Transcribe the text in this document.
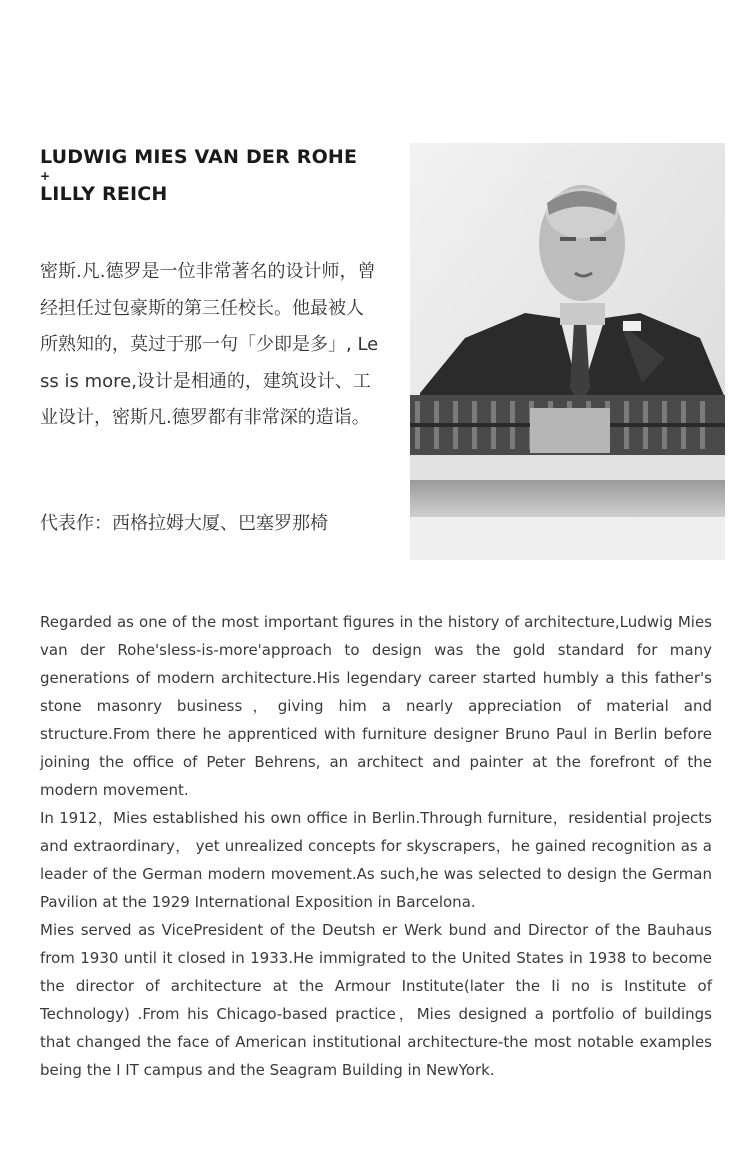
LUDWIG MIES VAN DER ROHE
+
LILLY REICH
密斯.凡.德罗是一位非常著名的设计师，曾经担任过包豪斯的第三任校长。他最被人所熟知的，莫过于那一句「少即是多」, Less is more,设计是相通的，建筑设计、工业设计，密斯凡.德罗都有非常深的造诣。
代表作：西格拉姆大厦、巴塞罗那椅

Regarded as one of the most important figures in the history of architecture,Ludwig Mies van der Rohe'sless-is-more'approach to design was the gold standard for many generations of modern architecture.His legendary career started humbly a this father's stone masonry business，giving him a nearly appreciation of material and structure.From there he apprenticed with furniture designer Bruno Paul in Berlin before joining the office of Peter Behrens, an architect and painter at the forefront of the modern movement.

In 1912，Mies established his own office in Berlin.Through furniture，residential projects and extraordinary， yet unrealized concepts for skyscrapers，he gained recognition as a leader of the German modern movement.As such,he was selected to design the German Pavilion at the 1929 International Exposition in Barcelona.

Mies served as VicePresident of the Deutsh er Werk bund and Director of the Bauhaus from 1930 until it closed in 1933.He immigrated to the United States in 1938 to become the director of architecture at the Armour Institute(later the Ii no is Institute of Technology) .From his Chicago-based practice，Mies designed a portfolio of buildings that changed the face of American institutional architecture-the most notable examples being the I IT campus and the Seagram Building in NewYork.
